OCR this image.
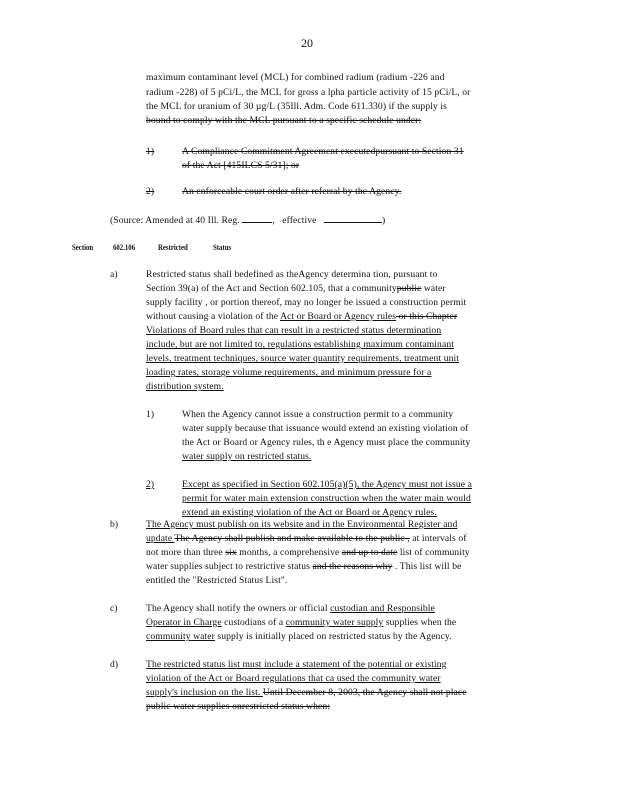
20
maximum contaminant level (MCL) for combined radium (radium -226 and
radium -228) of 5 pCi/L, the MCL for gross a lpha particle activity of 15 pCi/L, or
the MCL for uranium of 30 µg/L (35Ill. Adm. Code 611.330) if the supply is
bound to comply with the MCL pursuant to a specific schedule under:
1)	A Compliance Commitment Agreement executedpursuant to Section 31
of the Act [415ILCS 5/31]; or
2)	An enforceable court order after referral by the Agency.
(Source: Amended at 40 Ill. Reg.	, effective	)
Section 602.106	Restricted	Status
a)	Restricted status shall bedefined as theAgency determina tion, pursuant to
Section 39(a) of the Act and Section 602.105, that a communitypublic water
supply facility , or portion thereof, may no longer be issued a construction permit
without causing a violation of the Act or Board or Agency rules or this Chapter
Violations of Board rules that can result in a restricted status determination
include, but are not limited to, regulations establishing maximum contaminant
levels, treatment techniques, source water quantity requirements, treatment unit
loading rates, storage volume requirements, and minimum pressure for a
distribution system.
1)	When the Agency cannot issue a construction permit to a community
water supply because that issuance would extend an existing violation of
the Act or Board or Agency rules, th e Agency must place the community
water supply on restricted status.
2)	Except as specified in Section 602.105(a)(5), the Agency must not issue a
permit for water main extension construction when the water main would
extend an existing violation of the Act or Board or Agency rules.
b)	The Agency must publish on its website and in the Environmental Register and
update The Agency shall publish and make available to the public , at intervals of
not more than three six months, a comprehensive and up to date list of community
water supplies subject to restrictive status and the reasons why . This list will be
entitled the "Restricted Status List".
c)	The Agency shall notify the owners or official custodian and Responsible
Operator in Charge custodians of a community water supply supplies when the
community water supply is initially placed on restricted status by the Agency.
d)	The restricted status list must include a statement of the potential or existing
violation of the Act or Board regulations that ca used the community water
supply's inclusion on the list. Until December 8, 2003, the Agency shall not place
public water supplies onrestricted status when:
